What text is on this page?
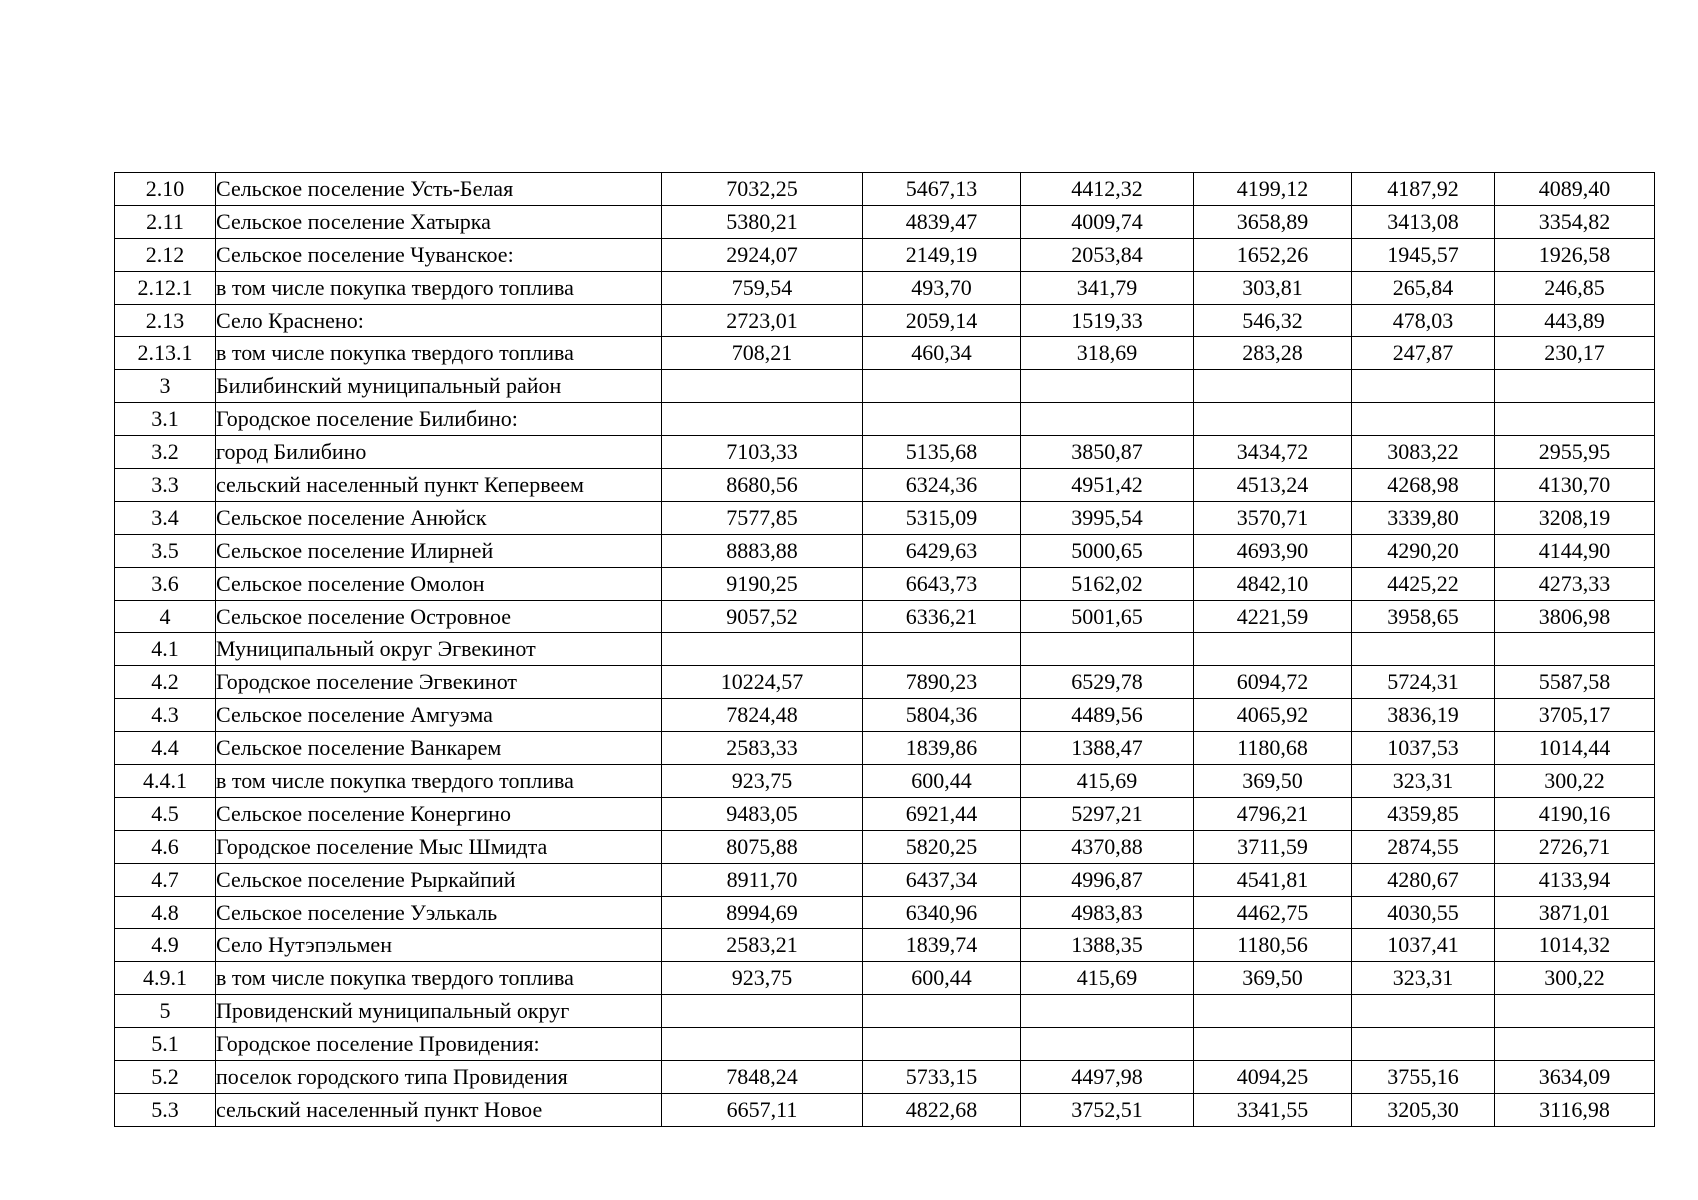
2.10	Сельское поселение Усть-Белая	7032,25	5467,13	4412,32	4199,12	4187,92	4089,40
2.11	Сельское поселение Хатырка	5380,21	4839,47	4009,74	3658,89	3413,08	3354,82
2.12	Сельское поселение Чуванское:	2924,07	2149,19	2053,84	1652,26	1945,57	1926,58
2.12.1	в том числе покупка твердого топлива	759,54	493,70	341,79	303,81	265,84	246,85
2.13	Село Краснено:	2723,01	2059,14	1519,33	546,32	478,03	443,89
2.13.1	в том числе покупка твердого топлива	708,21	460,34	318,69	283,28	247,87	230,17
3	Билибинский муниципальный район						
3.1	Городское поселение Билибино:						
3.2	город Билибино	7103,33	5135,68	3850,87	3434,72	3083,22	2955,95
3.3	сельский населенный пункт Кепервеем	8680,56	6324,36	4951,42	4513,24	4268,98	4130,70
3.4	Сельское поселение Анюйск	7577,85	5315,09	3995,54	3570,71	3339,80	3208,19
3.5	Сельское поселение Илирней	8883,88	6429,63	5000,65	4693,90	4290,20	4144,90
3.6	Сельское поселение Омолон	9190,25	6643,73	5162,02	4842,10	4425,22	4273,33
4	Сельское поселение Островное	9057,52	6336,21	5001,65	4221,59	3958,65	3806,98
4.1	Муниципальный округ Эгвекинот						
4.2	Городское поселение Эгвекинот	10224,57	7890,23	6529,78	6094,72	5724,31	5587,58
4.3	Сельское поселение Амгуэма	7824,48	5804,36	4489,56	4065,92	3836,19	3705,17
4.4	Сельское поселение Ванкарем	2583,33	1839,86	1388,47	1180,68	1037,53	1014,44
4.4.1	в том числе покупка твердого топлива	923,75	600,44	415,69	369,50	323,31	300,22
4.5	Сельское поселение Конергино	9483,05	6921,44	5297,21	4796,21	4359,85	4190,16
4.6	Городское поселение Мыс Шмидта	8075,88	5820,25	4370,88	3711,59	2874,55	2726,71
4.7	Сельское поселение Рыркайпий	8911,70	6437,34	4996,87	4541,81	4280,67	4133,94
4.8	Сельское поселение Уэлькаль	8994,69	6340,96	4983,83	4462,75	4030,55	3871,01
4.9	Село Нутэпэльмен	2583,21	1839,74	1388,35	1180,56	1037,41	1014,32
4.9.1	в том числе покупка твердого топлива	923,75	600,44	415,69	369,50	323,31	300,22
5	Провиденский муниципальный округ						
5.1	Городское поселение Провидения:						
5.2	поселок городского типа Провидения	7848,24	5733,15	4497,98	4094,25	3755,16	3634,09
5.3	сельский населенный пункт Новое	6657,11	4822,68	3752,51	3341,55	3205,30	3116,98
